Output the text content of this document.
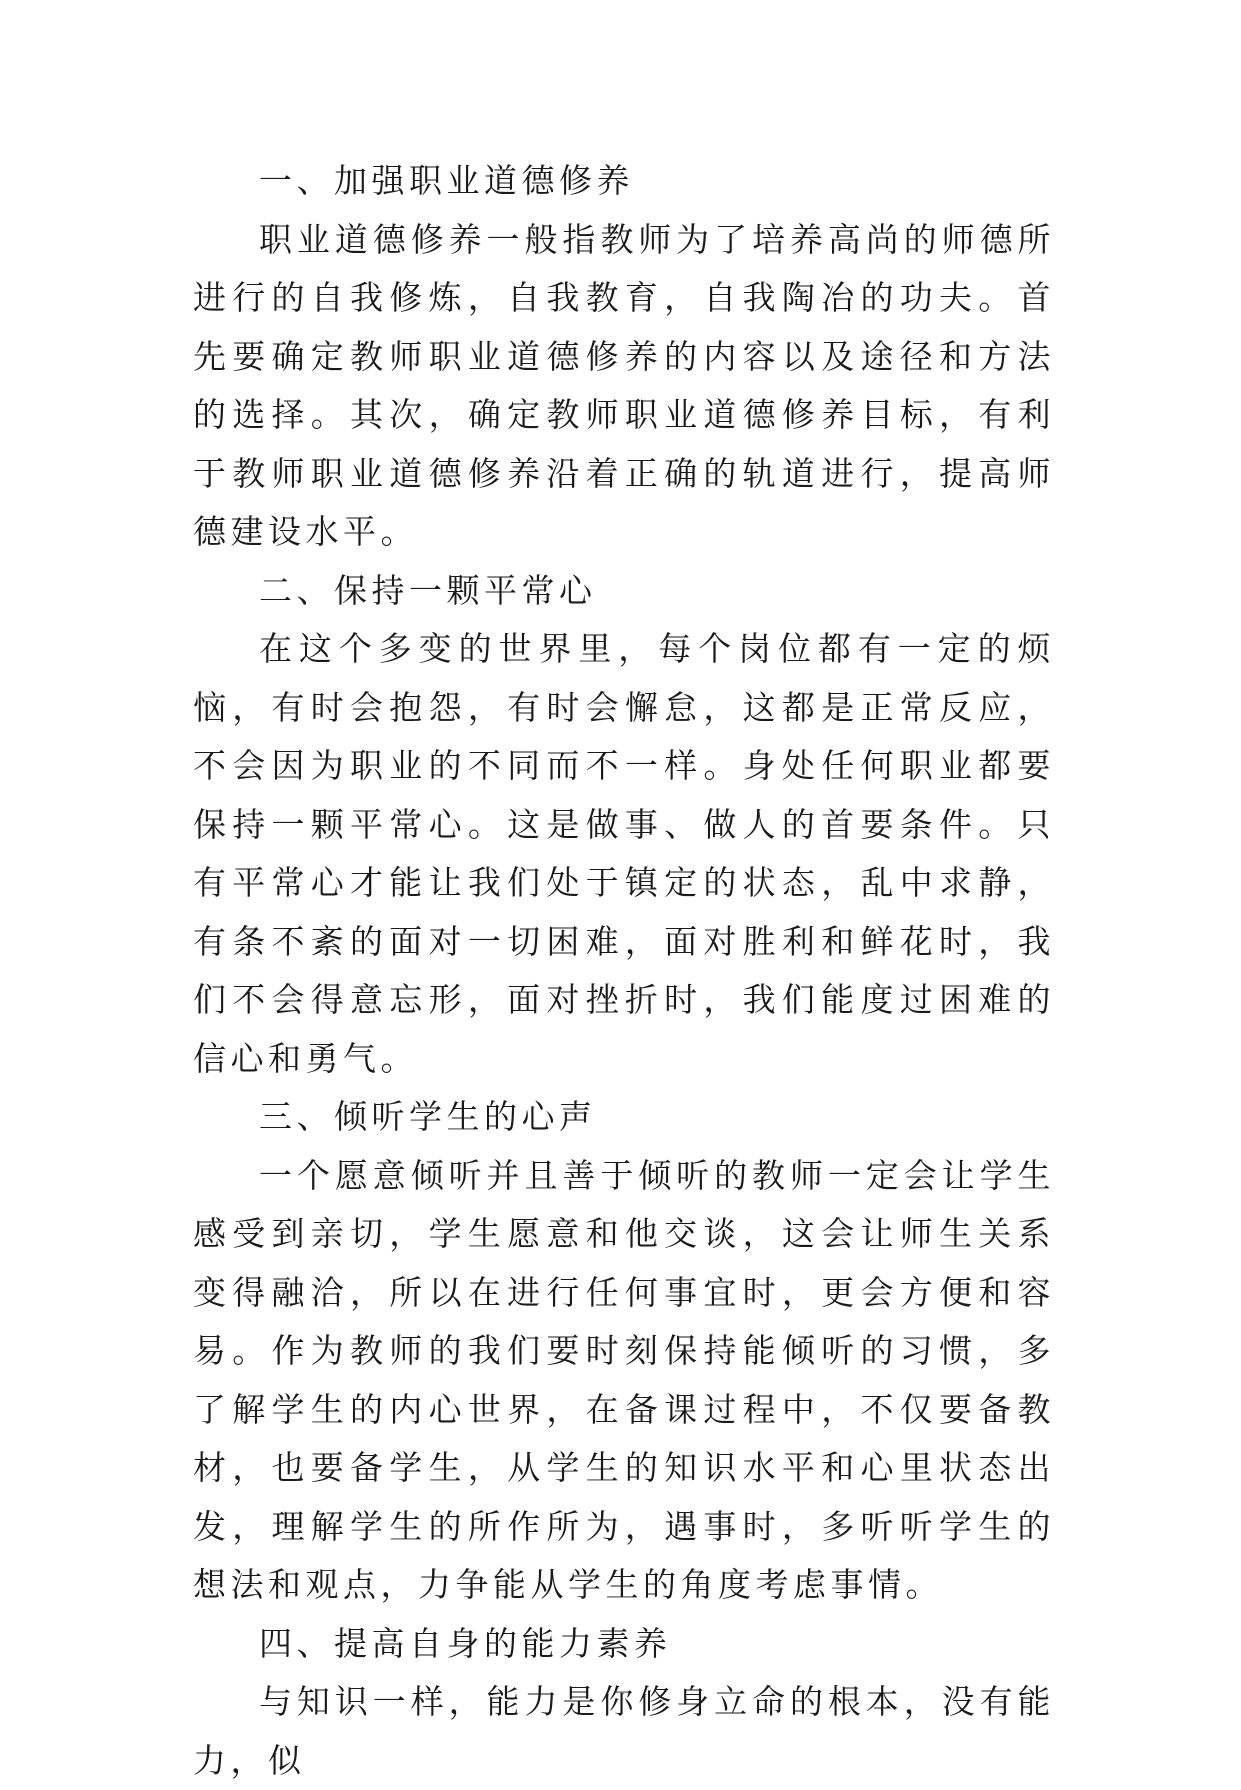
一、加强职业道德修养

职业道德修养一般指教师为了培养高尚的师德所进行的自我修炼，自我教育，自我陶冶的功夫。首先要确定教师职业道德修养的内容以及途径和方法的选择。其次，确定教师职业道德修养目标，有利于教师职业道德修养沿着正确的轨道进行，提高师德建设水平。

二、保持一颗平常心

在这个多变的世界里，每个岗位都有一定的烦恼，有时会抱怨，有时会懈怠，这都是正常反应，不会因为职业的不同而不一样。身处任何职业都要保持一颗平常心。这是做事、做人的首要条件。只有平常心才能让我们处于镇定的状态，乱中求静，有条不紊的面对一切困难，面对胜利和鲜花时，我们不会得意忘形，面对挫折时，我们能度过困难的信心和勇气。

三、倾听学生的心声

一个愿意倾听并且善于倾听的教师一定会让学生感受到亲切，学生愿意和他交谈，这会让师生关系变得融洽，所以在进行任何事宜时，更会方便和容易。作为教师的我们要时刻保持能倾听的习惯，多了解学生的内心世界，在备课过程中，不仅要备教材，也要备学生，从学生的知识水平和心里状态出发，理解学生的所作所为，遇事时，多听听学生的想法和观点，力争能从学生的角度考虑事情。

四、提高自身的能力素养

与知识一样，能力是你修身立命的根本，没有能力，似
